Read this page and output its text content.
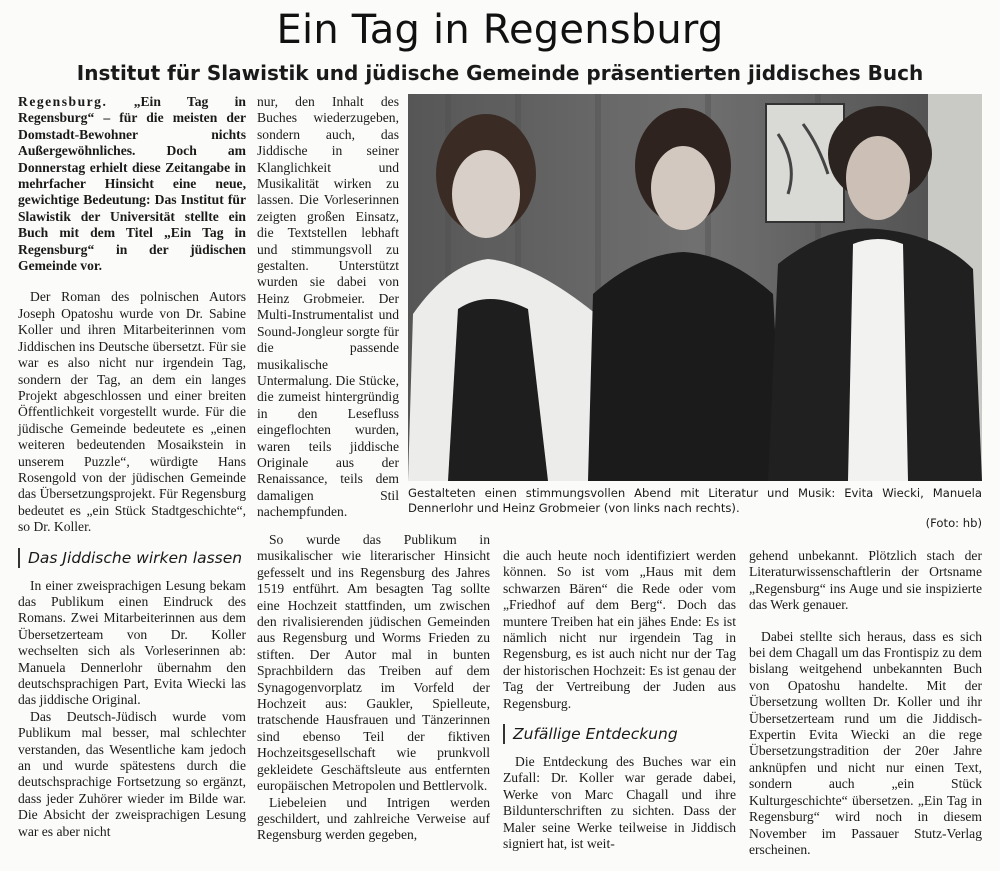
Ein Tag in Regensburg
Institut für Slawistik und jüdische Gemeinde präsentierten jiddisches Buch

Regensburg. „Ein Tag in Regensburg“ – für die meisten der Domstadt-Bewohner nichts Außergewöhnliches. Doch am Donnerstag erhielt diese Zeitangabe in mehrfacher Hinsicht eine neue, gewichtige Bedeutung: Das Institut für Slawistik der Universität stellte ein Buch mit dem Titel „Ein Tag in Regensburg“ in der jüdischen Gemeinde vor.

Der Roman des polnischen Autors Joseph Opatoshu wurde von Dr. Sabine Koller und ihren Mitarbeiterinnen vom Jiddischen ins Deutsche übersetzt. Für sie war es also nicht nur irgendein Tag, sondern der Tag, an dem ein langes Projekt abgeschlossen und einer breiten Öffentlichkeit vorgestellt wurde. Für die jüdische Gemeinde bedeutete es „einen weiteren bedeutenden Mosaikstein in unserem Puzzle“, würdigte Hans Rosengold von der jüdischen Gemeinde das Übersetzungsprojekt. Für Regensburg bedeutet es „ein Stück Stadtgeschichte“, so Dr. Koller.

Das Jiddische wirken lassen

In einer zweisprachigen Lesung bekam das Publikum einen Eindruck des Romans. Zwei Mitarbeiterinnen aus dem Übersetzerteam von Dr. Koller wechselten sich als Vorleserinnen ab: Manuela Dennerlohr übernahm den deutschsprachigen Part, Evita Wiecki las das jiddische Original.

Das Deutsch-Jüdisch wurde vom Publikum mal besser, mal schlechter verstanden, das Wesentliche kam jedoch an und wurde spätestens durch die deutschsprachige Fortsetzung so ergänzt, dass jeder Zuhörer wieder im Bilde war. Die Absicht der zweisprachigen Lesung war es aber nicht

nur, den Inhalt des Buches wiederzugeben, sondern auch, das Jiddische in seiner Klanglichkeit und Musikalität wirken zu lassen. Die Vorleserinnen zeigten großen Einsatz, die Textstellen lebhaft und stimmungsvoll zu gestalten. Unterstützt wurden sie dabei von Heinz Grobmeier. Der Multi-Instrumentalist und Sound-Jongleur sorgte für die passende musikalische Untermalung. Die Stücke, die zumeist hintergründig in den Lesefluss eingeflochten wurden, waren teils jiddische Originale aus der Renaissance, teils dem damaligen Stil nachempfunden.

So wurde das Publikum in musikalischer wie literarischer Hinsicht gefesselt und ins Regensburg des Jahres 1519 entführt. Am besagten Tag sollte eine Hochzeit stattfinden, um zwischen den rivalisierenden jüdischen Gemeinden aus Regensburg und Worms Frieden zu stiften. Der Autor mal in bunten Sprachbildern das Treiben auf dem Synagogenvorplatz im Vorfeld der Hochzeit aus: Gaukler, Spielleute, tratschende Hausfrauen und Tänzerinnen sind ebenso Teil der fiktiven Hochzeitsgesellschaft wie prunkvoll gekleidete Geschäftsleute aus entfernten europäischen Metropolen und Bettlervolk.

Liebeleien und Intrigen werden geschildert, und zahlreiche Verweise auf Regensburg werden gegeben,

Gestalteten einen stimmungsvollen Abend mit Literatur und Musik: Evita Wiecki, Manuela Dennerlohr und Heinz Grobmeier (von links nach rechts).
(Foto: hb)

die auch heute noch identifiziert werden können. So ist vom „Haus mit dem schwarzen Bären“ die Rede oder vom „Friedhof auf dem Berg“. Doch das muntere Treiben hat ein jähes Ende: Es ist nämlich nicht nur irgendein Tag in Regensburg, es ist auch nicht nur der Tag der historischen Hochzeit: Es ist genau der Tag der Vertreibung der Juden aus Regensburg.

Zufällige Entdeckung

Die Entdeckung des Buches war ein Zufall: Dr. Koller war gerade dabei, Werke von Marc Chagall und ihre Bildunterschriften zu sichten. Dass der Maler seine Werke teilweise in Jiddisch signiert hat, ist weit-

gehend unbekannt. Plötzlich stach der Literaturwissenschaftlerin der Ortsname „Regensburg“ ins Auge und sie inspizierte das Werk genauer.

Dabei stellte sich heraus, dass es sich bei dem Chagall um das Frontispiz zu dem bislang weitgehend unbekannten Buch von Opatoshu handelte. Mit der Übersetzung wollten Dr. Koller und ihr Übersetzerteam rund um die Jiddisch-Expertin Evita Wiecki an die rege Übersetzungstradition der 20er Jahre anknüpfen und nicht nur einen Text, sondern auch „ein Stück Kulturgeschichte“ übersetzen. „Ein Tag in Regensburg“ wird noch in diesem November im Passauer Stutz-Verlag erscheinen.
